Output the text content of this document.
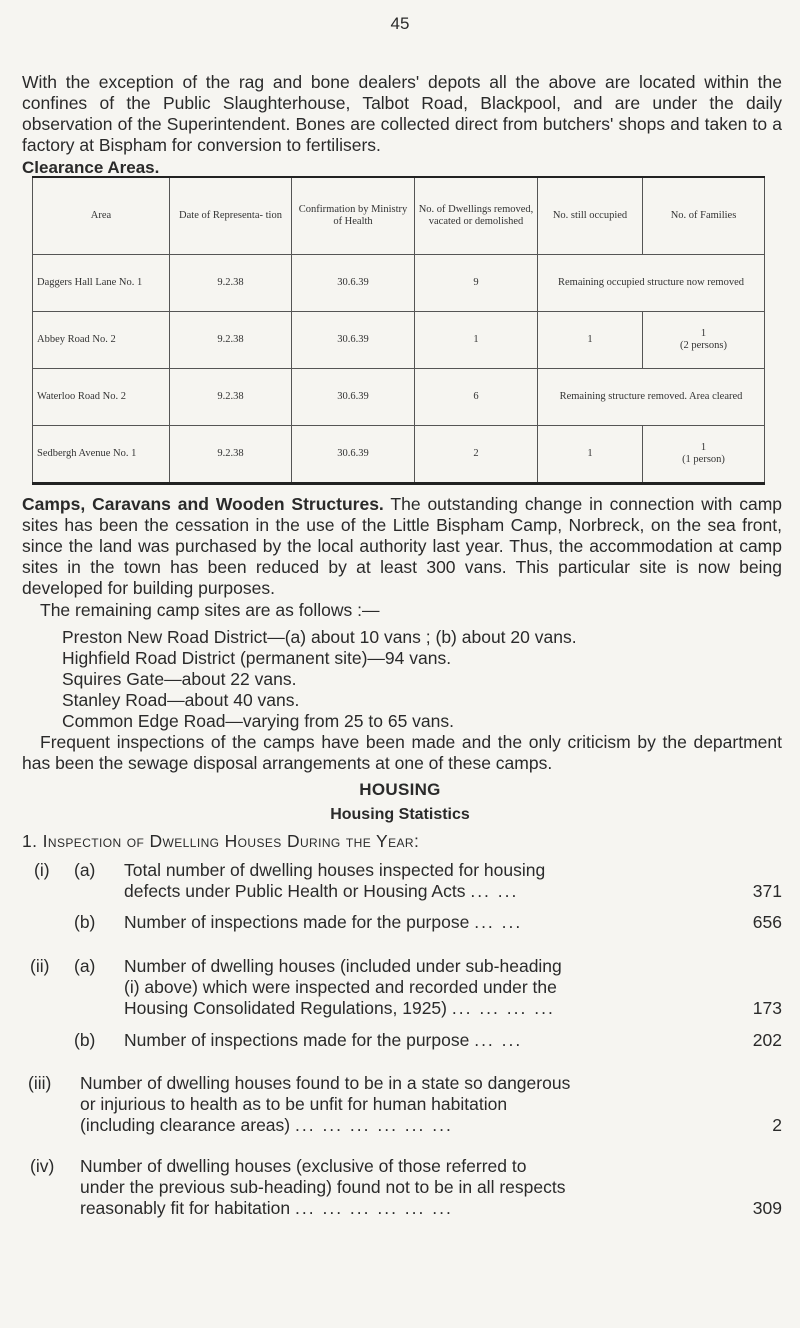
45

With the exception of the rag and bone dealers' depots all the above are located within the confines of the Public Slaughterhouse, Talbot Road, Blackpool, and are under the daily observation of the Superintendent. Bones are collected direct from butchers' shops and taken to a factory at Bispham for conversion to fertilisers.

Clearance Areas.
Area	Date of Representa- tion	Confirmation by Ministry of Health	No. of Dwellings removed, vacated or demolished	No. still occupied	No. of Families
Daggers Hall Lane No. 1	9.2.38	30.6.39	9	Remaining occupied structure now removed	
Abbey Road No. 2	9.2.38	30.6.39	1	1	1
(2 persons)

Waterloo Road No. 2	9.2.38	30.6.39	6	Remaining structure removed. Area cleared	
Sedbergh Avenue No. 1	9.2.38	30.6.39	2	1	1
(1 person)

Camps, Caravans and Wooden Structures. The outstanding change in connection with camp sites has been the cessation in the use of the Little Bispham Camp, Norbreck, on the sea front, since the land was purchased by the local authority last year. Thus, the accommodation at camp sites in the town has been reduced by at least 300 vans. This particular site is now being developed for building purposes.

The remaining camp sites are as follows :—
Preston New Road District—(a) about 10 vans ; (b) about 20 vans.
Highfield Road District (permanent site)—94 vans.
Squires Gate—about 22 vans.
Stanley Road—about 40 vans.
Common Edge Road—varying from 25 to 65 vans.

Frequent inspections of the camps have been made and the only criticism by the department has been the sewage disposal arrangements at one of these camps.

HOUSING
Housing Statistics
1. Inspection of Dwelling Houses During the Year:
(i) (a) Total number of dwelling houses inspected for housing
defects under Public Health or Housing Acts ... ...	371
(b) Number of inspections made for the purpose ... ...	656
(ii) (a) Number of dwelling houses (included under sub-heading
(i) above) which were inspected and recorded under the
Housing Consolidated Regulations, 1925) ... ... ... ...	173
(b) Number of inspections made for the purpose ... ...	202
(iii) Number of dwelling houses found to be in a state so dangerous
or injurious to health as to be unfit for human habitation
(including clearance areas) ... ... ... ... ... ...	2
(iv) Number of dwelling houses (exclusive of those referred to
under the previous sub-heading) found not to be in all respects
reasonably fit for habitation ... ... ... ... ... ...	309
